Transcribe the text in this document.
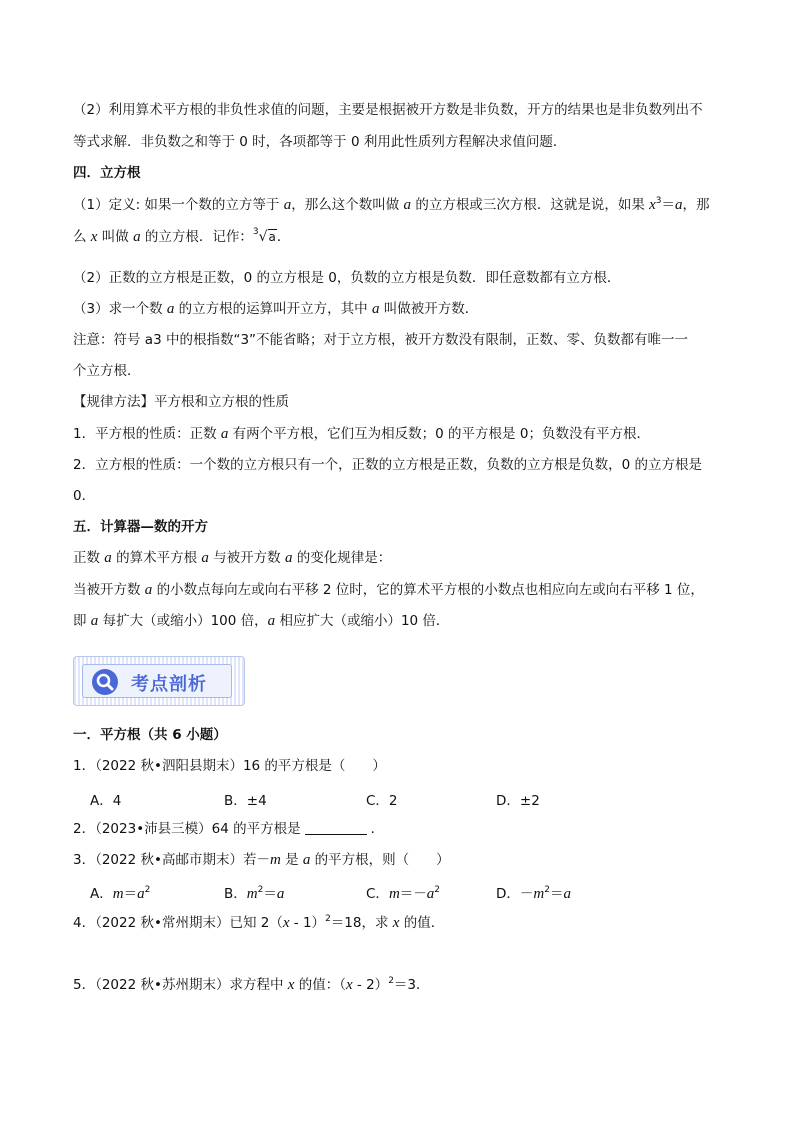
（2）利用算术平方根的非负性求值的问题，主要是根据被开方数是非负数，开方的结果也是非负数列出不
等式求解．非负数之和等于 0 时，各项都等于 0 利用此性质列方程解决求值问题．
四．立方根
（1）定义: 如果一个数的立方等于 a，那么这个数叫做 a 的立方根或三次方根．这就是说，如果 $x^3=a$，那
么 x 叫做 a 的立方根．记作：$^3$√a．
（2）正数的立方根是正数，0 的立方根是 0，负数的立方根是负数．即任意数都有立方根．
（3）求一个数 a 的立方根的运算叫开立方，其中 a 叫做被开方数．
注意：符号 a3 中的根指数“3”不能省略；对于立方根，被开方数没有限制，正数、零、负数都有唯一一
个立方根．
【规律方法】平方根和立方根的性质
1．平方根的性质：正数 a 有两个平方根，它们互为相反数；0 的平方根是 0；负数没有平方根．
2．立方根的性质：一个数的立方根只有一个，正数的立方根是正数，负数的立方根是负数，0 的立方根是
0．
五．计算器—数的开方
正数 a 的算术平方根 a 与被开方数 a 的变化规律是：
当被开方数 a 的小数点每向左或向右平移 2 位时，它的算术平方根的小数点也相应向左或向右平移 1 位，
即 a 每扩大（或缩小）100 倍，a 相应扩大（或缩小）10 倍．
考点剖析
一．平方根（共 6 小题）
1．（2022 秋•泗阳县期末）16 的平方根是（　　）
A．4	B．±4	C．2	D．±2
2．（2023•沛县三模）64 的平方根是	．
3．（2022 秋•高邮市期末）若－m 是 a 的平方根，则（　　）
A．$m=a^2$	B．$m^2=a$	C．$m=-a^2$	D．$-m^2=a$
4．（2022 秋•常州期末）已知 2（x - 1）$^2$＝18，求 x 的值．
5．（2022 秋•苏州期末）求方程中 x 的值：（x - 2）$^2$＝3．
